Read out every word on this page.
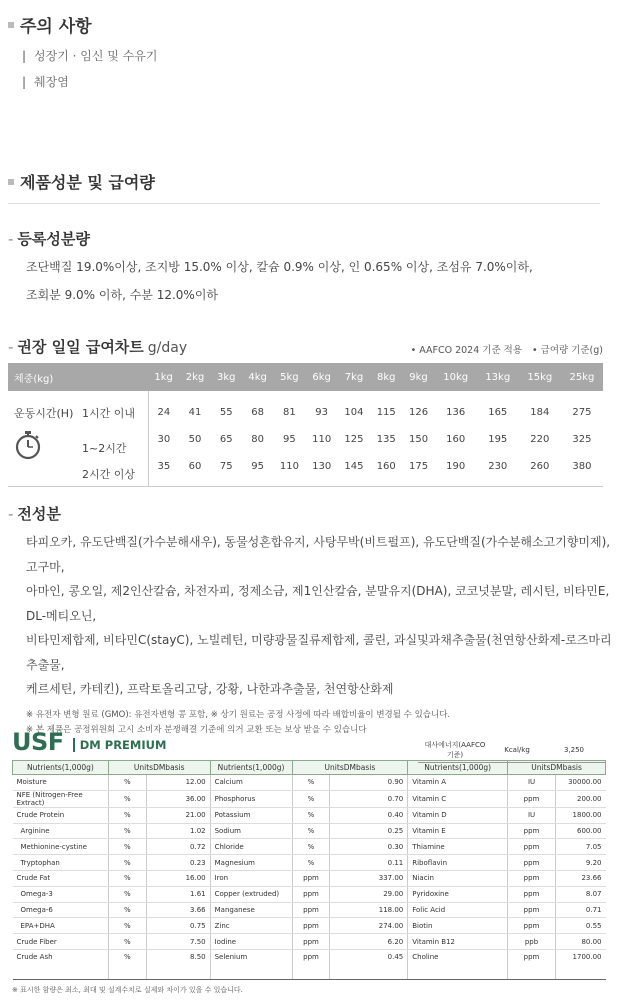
주의 사항
| 성장기 · 임신 및 수유기
| 췌장염
제품성분 및 급여량
- 등록성분량

조단백질 19.0%이상, 조지방 15.0% 이상, 칼슘 0.9% 이상, 인 0.65% 이상, 조섬유 7.0%이하,
조회분 9.0% 이하, 수분 12.0%이하

- 권장 일일 급여차트 g/day	• AAFCO 2024 기준 적용 • 급여량 기준(g)
체중(kg)	1kg	2kg	3kg	4kg	5kg	6kg	7kg	8kg	9kg	10kg	13kg	15kg	25kg
운동시간(H) 1시간 이내	24	41	55	68	81	93	104	115	126	136	165	184	275

1~2시간	30	50	65	80	95	110	125	135	150	160	195	220	325

2시간 이상	35	60	75	95	110	130	145	160	175	190	230	260	380
- 전성분
타피오카, 유도단백질(가수분해새우), 동물성혼합유지, 사탕무박(비트펄프), 유도단백질(가수분해소고기향미제), 고구마,
아마인, 콩오일, 제2인산칼슘, 차전자피, 정제소금, 제1인산칼슘, 분말유지(DHA), 코코넛분말, 레시틴, 비타민E, DL-메티오닌,
비타민제합제, 비타민C(stayC), 노빌레틴, 미량광물질류제합제, 콜린, 과실및과채추출물(천연항산화제-로즈마리추출물,
케르세틴, 카테킨), 프락토올리고당, 강황, 나한과추출물, 천연항산화제
※ 유전자 변형 원료 (GMO): 유전자변형 콩 포함, ※ 상기 원료는 공정 사정에 따라 배합비율이 변경될 수 있습니다.
※ 본 제품은 공정위원회 고시 소비자 분쟁해결 기준에 의거 교환 또는 보상 받을 수 있습니다
USF DM PREMIUM	대사에너지(AAFCO기준)	Kcal/kg	3,250
Nutrients(1,000g)	UnitsDMbasis		Nutrients(1,000g)	UnitsDMbasis		Nutrients(1,000g)	UnitsDMbasis	
Moisture	%	12.00	Calcium	%	0.90	Vitamin A	IU	30000.00
NFE (Nitrogen-Free Extract)	%	36.00	Phosphorus	%	0.70	Vitamin C	ppm	200.00
Crude Protein	%	21.00	Potassium	%	0.40	Vitamin D	IU	1800.00
Arginine	%	1.02	Sodium	%	0.25	Vitamin E	ppm	600.00
Methionine-cystine	%	0.72	Chloride	%	0.30	Thiamine	ppm	7.05
Tryptophan	%	0.23	Magnesium	%	0.11	Riboflavin	ppm	9.20
Crude Fat	%	16.00	Iron	ppm	337.00	Niacin	ppm	23.66
Omega-3	%	1.61	Copper (extruded)	ppm	29.00	Pyridoxine	ppm	8.07
Omega-6	%	3.66	Manganese	ppm	118.00	Folic Acid	ppm	0.71
EPA+DHA	%	0.75	Zinc	ppm	274.00	Biotin	ppm	0.55
Crude Fiber	%	7.50	Iodine	ppm	6.20	Vitamin B12	ppb	80.00
Crude Ash	%	8.50	Selenium	ppm	0.45	Choline	ppm	1700.00
※ 표시한 함량은 최소, 최대 및 설계수치로 실제와 차이가 있을 수 있습니다.
